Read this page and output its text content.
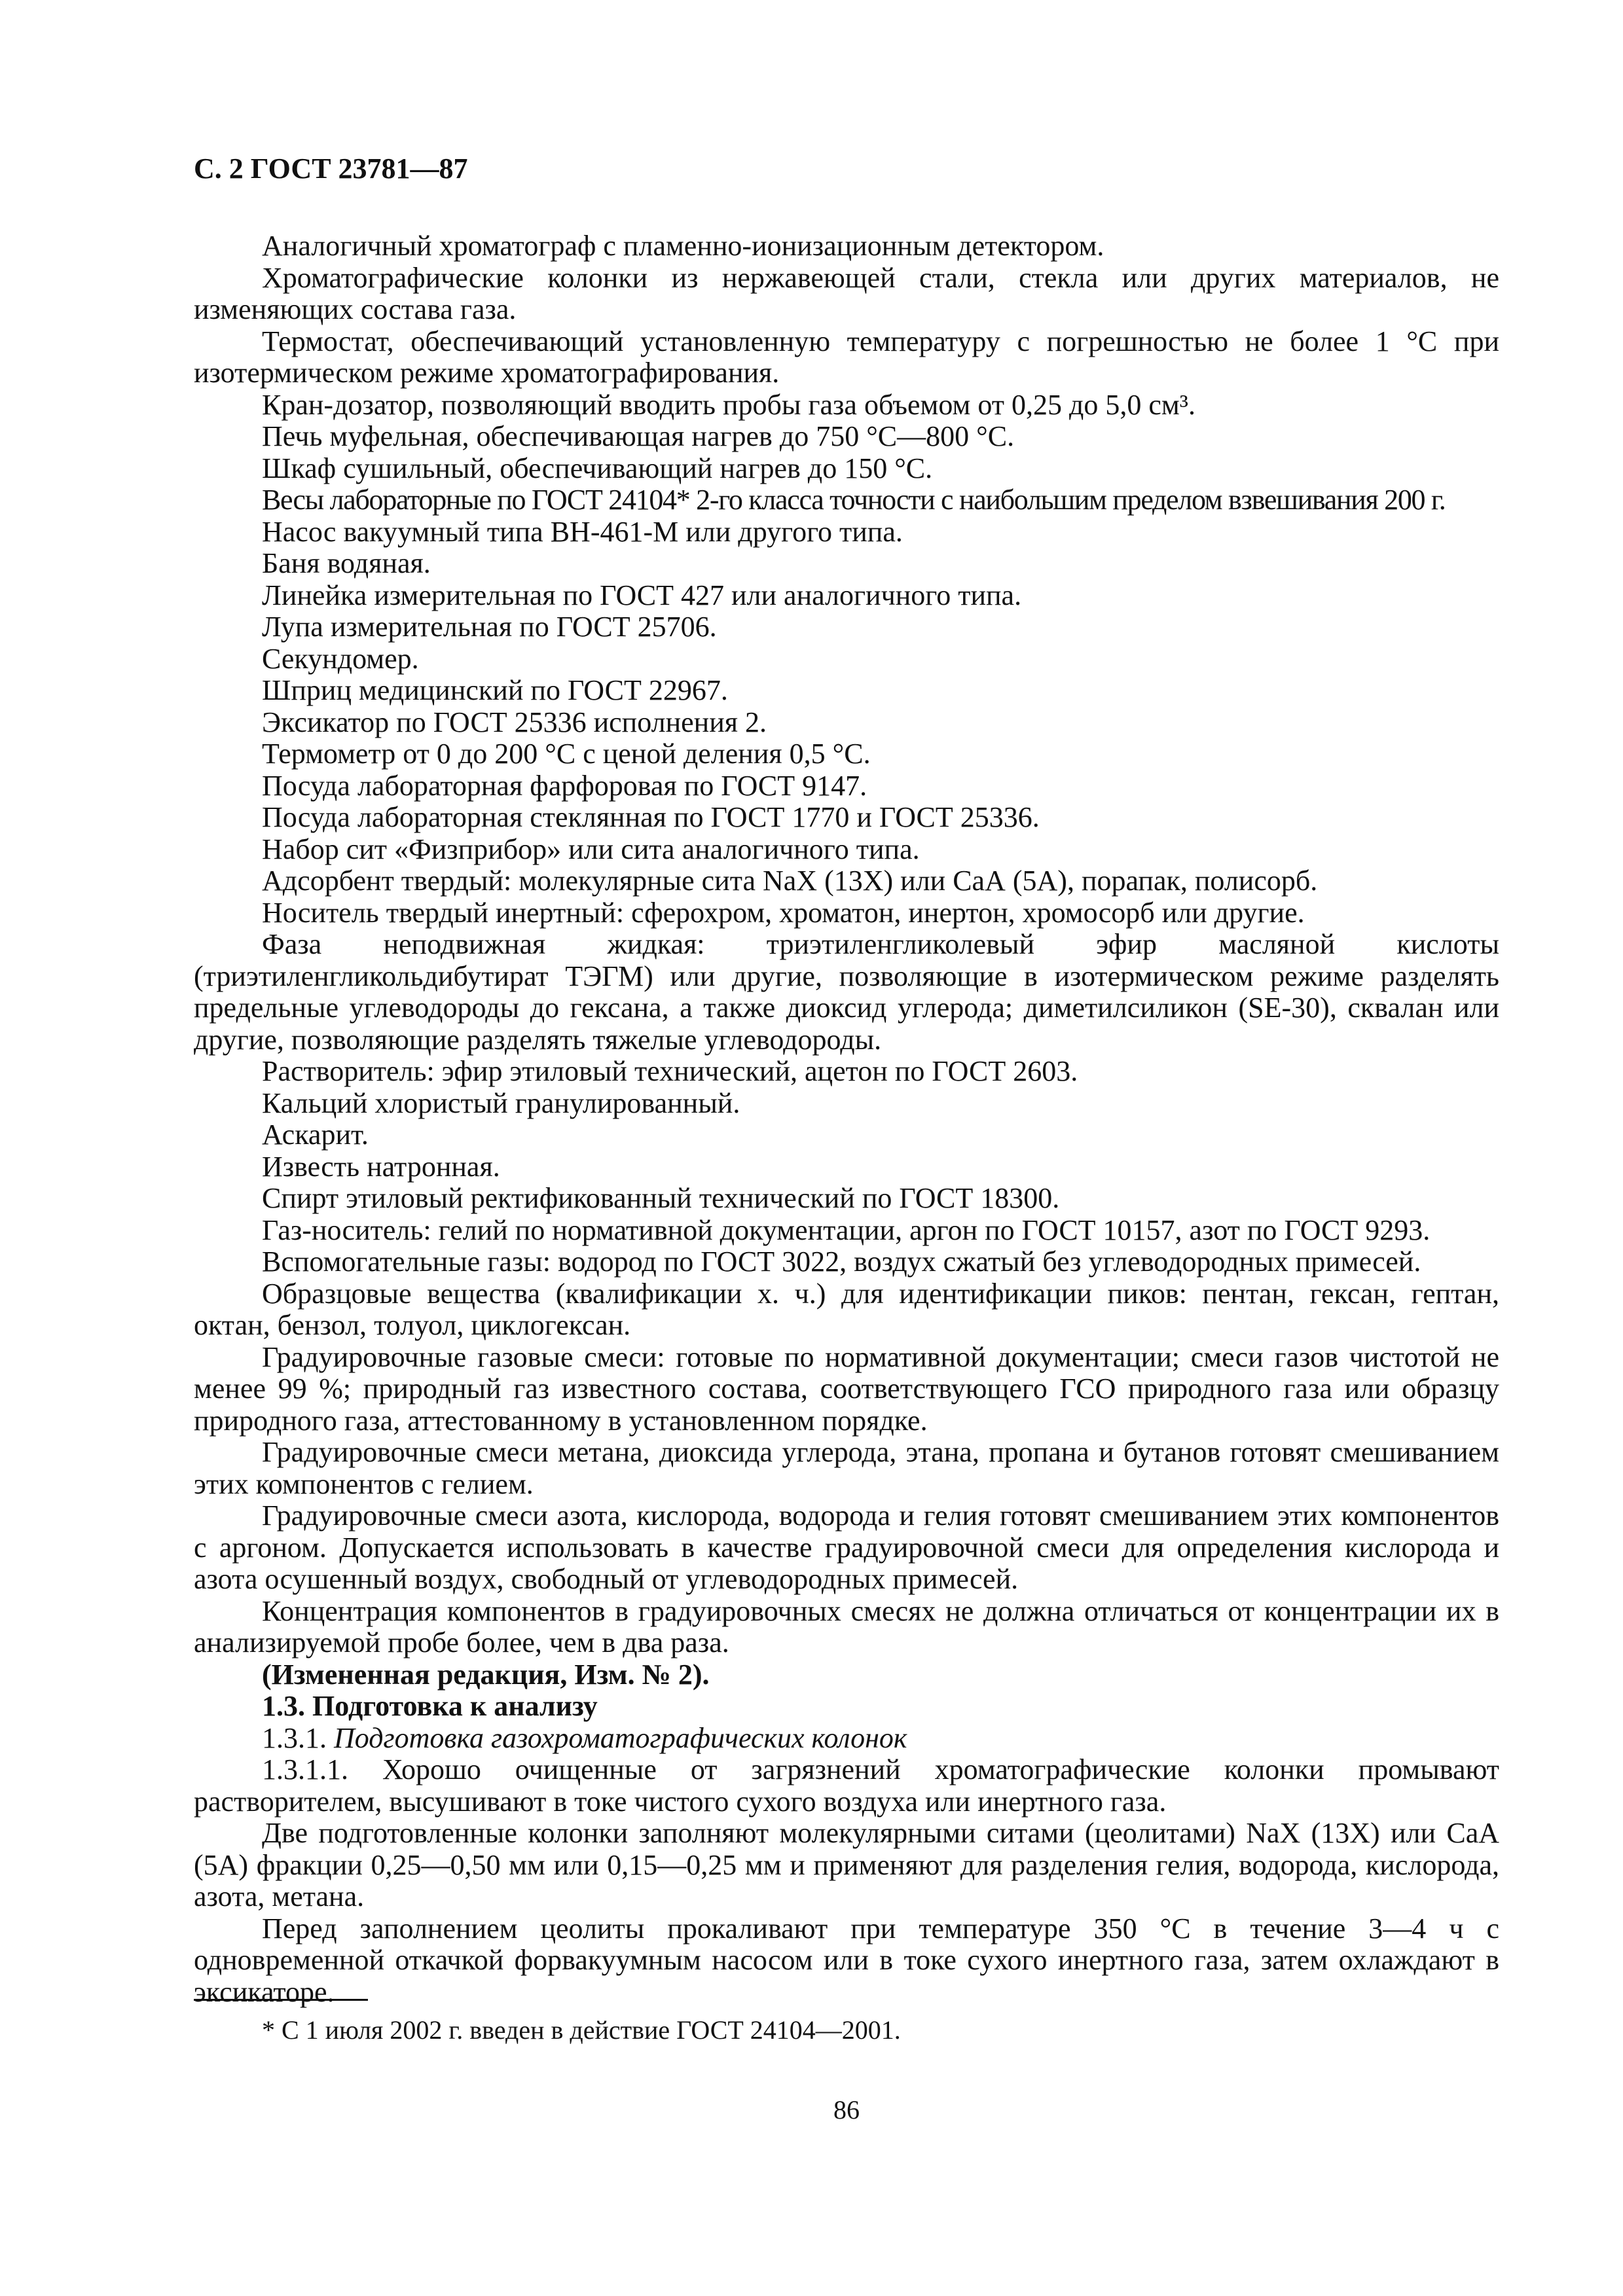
С. 2 ГОСТ 23781—87

Аналогичный хроматограф с пламенно-ионизационным детектором.

Хроматографические колонки из нержавеющей стали, стекла или других материалов, не изменяющих состава газа.

Термостат, обеспечивающий установленную температуру с погрешностью не более 1 °С при изотермическом режиме хроматографирования.

Кран-дозатор, позволяющий вводить пробы газа объемом от 0,25 до 5,0 см³.

Печь муфельная, обеспечивающая нагрев до 750 °С—800 °С.

Шкаф сушильный, обеспечивающий нагрев до 150 °С.

Весы лабораторные по ГОСТ 24104* 2-го класса точности с наибольшим пределом взвешивания 200 г.

Насос вакуумный типа ВН-461-М или другого типа.

Баня водяная.

Линейка измерительная по ГОСТ 427 или аналогичного типа.

Лупа измерительная по ГОСТ 25706.

Секундомер.

Шприц медицинский по ГОСТ 22967.

Эксикатор по ГОСТ 25336 исполнения 2.

Термометр от 0 до 200 °С с ценой деления 0,5 °С.

Посуда лабораторная фарфоровая по ГОСТ 9147.

Посуда лабораторная стеклянная по ГОСТ 1770 и ГОСТ 25336.

Набор сит «Физприбор» или сита аналогичного типа.

Адсорбент твердый: молекулярные сита NaX (13Х) или СаА (5А), порапак, полисорб.

Носитель твердый инертный: сферохром, хроматон, инертон, хромосорб или другие.

Фаза неподвижная жидкая: триэтиленгликолевый эфир масляной кислоты (триэтиленгликольдибутират ТЭГМ) или другие, позволяющие в изотермическом режиме разделять предельные углеводороды до гексана, а также диоксид углерода; диметилсиликон (SE-30), сквалан или другие, позволяющие разделять тяжелые углеводороды.

Растворитель: эфир этиловый технический, ацетон по ГОСТ 2603.

Кальций хлористый гранулированный.

Аскарит.

Известь натронная.

Спирт этиловый ректификованный технический по ГОСТ 18300.

Газ-носитель: гелий по нормативной документации, аргон по ГОСТ 10157, азот по ГОСТ 9293.

Вспомогательные газы: водород по ГОСТ 3022, воздух сжатый без углеводородных примесей.

Образцовые вещества (квалификации х. ч.) для идентификации пиков: пентан, гексан, гептан, октан, бензол, толуол, циклогексан.

Градуировочные газовые смеси: готовые по нормативной документации; смеси газов чистотой не менее 99 %; природный газ известного состава, соответствующего ГСО природного газа или образцу природного газа, аттестованному в установленном порядке.

Градуировочные смеси метана, диоксида углерода, этана, пропана и бутанов готовят смешиванием этих компонентов с гелием.

Градуировочные смеси азота, кислорода, водорода и гелия готовят смешиванием этих компонентов с аргоном. Допускается использовать в качестве градуировочной смеси для определения кислорода и азота осушенный воздух, свободный от углеводородных примесей.

Концентрация компонентов в градуировочных смесях не должна отличаться от концентрации их в анализируемой пробе более, чем в два раза.

(Измененная редакция, Изм. № 2).

1.3. Подготовка к анализу

1.3.1. Подготовка газохроматографических колонок

1.3.1.1. Хорошо очищенные от загрязнений хроматографические колонки промывают растворителем, высушивают в токе чистого сухого воздуха или инертного газа.

Две подготовленные колонки заполняют молекулярными ситами (цеолитами) NaX (13Х) или СаА (5А) фракции 0,25—0,50 мм или 0,15—0,25 мм и применяют для разделения гелия, водорода, кислорода, азота, метана.

Перед заполнением цеолиты прокаливают при температуре 350 °С в течение 3—4 ч с одновременной откачкой форвакуумным насосом или в токе сухого инертного газа, затем охлаждают в эксикаторе.

* С 1 июля 2002 г. введен в действие ГОСТ 24104—2001.
86
